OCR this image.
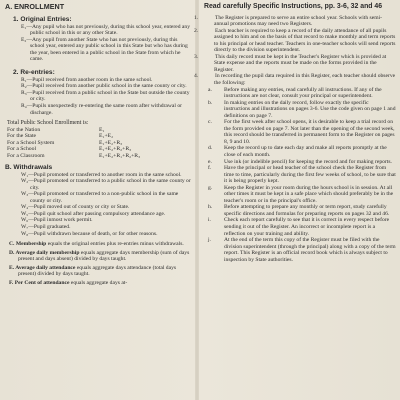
A. ENROLLMENT
1. Original Entries:
E₁—Any pupil who has not previously, during this school year, entered any public school in this or any other State.
E₂—Any pupil from another State who has not previously, during this school year, entered any public school in this State but who has during the year, been entered in a public school in the State from which he came.
2. Re-entries:
R₁—Pupil received from another room in the same school.
R₂—Pupil received from another public school in the same county or city.
R₃—Pupil received from a public school in the State but outside the county or city.
R₄—Pupils unexpectedly re-entering the same room after withdrawal or discharge.
Total Public School Enrollment is:
For the Nation	E₁
For the State	E₁+E₂
For a School System	E₁+E₂+R₃
For a School	E₁+E₂+R₂+R₃
For a Classroom	E₁+E₂+R₁+R₂+R₃
B. Withdrawals
W₁—Pupil promoted or transferred to another room in the same school.
W₂—Pupil promoted or transferred to a public school in the same county or city.
W₃—Pupil promoted or transferred to a non-public school in the same county or city.
W₄—Pupil moved out of county or city or State.
W₅—Pupil quit school after passing compulsory attendance age.
W₆—Pupil inmost work permit.
W₇—Pupil graduated.
W₈—Pupil withdrawn because of death, or for other reasons.
C. Membership equals the original entries plus re-entries minus withdrawals.
D. Average daily membership equals aggregate days membership (sum of days present and days absent) divided by days taught.
E. Average daily attendance equals aggregate days attendance (total days present) divided by days taught.
F. Per Cent of attendance equals aggregate days at-
Read carefully Specific Instructions, pp. 3-6, 32 and 46
1.	The Register is prepared to serve an entire school year. Schools with semi-annual promotions may need two Registers.
2.	Each teacher is required to keep a record of the daily attendance of all pupils assigned to him and on the basis of that record to make monthly and term reports to his principal or head teacher. Teachers in one-teacher schools will send reports directly to the division superintendent.
3.	This daily record must be kept in the Teacher's Register which is provided at State expense and the reports must be made on the forms provided in the Register.
4.	In recording the pupil data required in this Register, each teacher should observe the following:
a. Before making any entries, read carefully all instructions. If any of the instructions are not clear, consult your principal or superintendent.
b. In making entries on the daily record, follow exactly the specific instructions and illustrations on pages 3-6. Use the code given on page 1 and definitions on page 7.
c. For the first week after school opens, it is desirable to keep a trial record on the form provided on page 7. Not later than the opening of the second week, this record should be transferred in permanent form to the Register on pages 8, 9 and 10.
d. Keep the record up to date each day and make all reports promptly at the close of each month.
e. Use ink (or indelible pencil) for keeping the record and for making reports.
f. Have the principal or head teacher of the school check the Register from time to time, particularly during the first few weeks of school, to be sure that it is being properly kept.
g. Keep the Register in your room during the hours school is in session. At all other times it must be kept in a safe place which should preferably be in the teacher's room or in the principal's office.
h. Before attempting to prepare any monthly or term report, study carefully specific directions and formulas for preparing reports on pages 32 and 46.
i. Check each report carefully to see that it is correct in every respect before sending it out of the Register. An incorrect or incomplete report is a reflection on your training and ability.
j. At the end of the term this copy of the Register must be filed with the division superintendent (through the principal) along with a copy of the term report. This Register is an official record book which is always subject to inspection by State authorities.
